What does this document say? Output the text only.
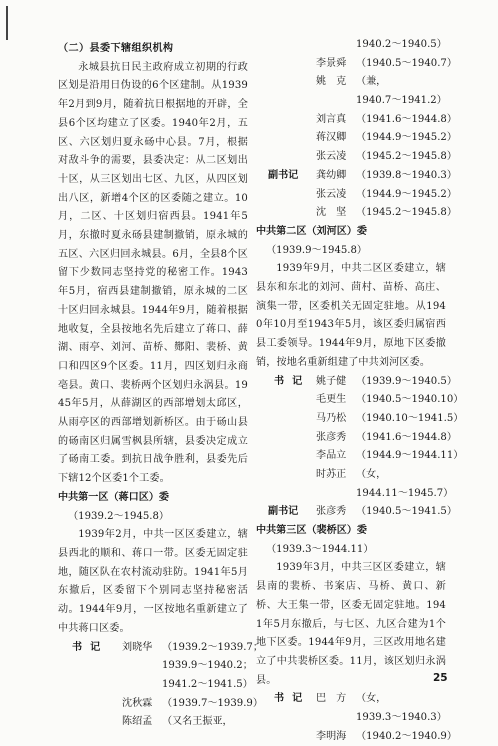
（二）县委下辖组织机构

永城县抗日民主政府成立初期的行政区划是沿用日伪设的6个区建制。从1939年2月到9月，随着抗日根据地的开辟，全县6个区均建立了区委。1940年2月，五区、六区划归夏永砀中心县。7月，根据对敌斗争的需要，县委决定：从二区划出十区，从三区划出七区、九区，从四区划出八区，新增4个区的区委随之建立。10月，二区、十区划归宿西县。1941年5月，东撤时夏永砀县建制撤销，原永城的五区、六区归回永城县。6月，全县8个区留下少数同志坚持党的秘密工作。1943年5月，宿西县建制撤销，原永城的二区十区归回永城县。1944年9月，随着根据地收复，全县按地名先后建立了蒋口、薛湖、雨亭、刘河、苗桥、酂阳、裴桥、黄口和四区9个区委。11月，四区划归永商亳县。黄口、裴桥两个区划归永涡县。1945年5月，从薛湖区的西部增划太邱区，从雨亭区的西部增划新桥区。由于砀山县的砀南区归属雪枫县所辖，县委决定成立了砀南工委。到抗日战争胜利，县委先后下辖12个区委1个工委。

中共第一区（蒋口区）委

（1939.2～1945.8）

1939年2月，中共一区区委建立，辖县西北的顺和、蒋口一带。区委无固定驻地，随区队在农村流动驻防。1941年5月东撤后，区委留下个别同志坚持秘密活动。1944年9月，一区按地名重新建立了中共蒋口区委。

书记 刘晓华 （1939.2～1939.7；
1939.9～1940.2；
1941.2～1941.5）
沈秋霖 （1939.7～1939.9）
陈绍孟 （又名王振亚，
1940.2～1940.5）
李景舜 （1940.5～1940.7）
姚　克 （兼，
1940.7～1941.2）
刘言真 （1941.6～1944.8）
蒋汉卿 （1944.9～1945.2）
张云凌 （1945.2～1945.8）
副书记 龚幼卿 （1939.8～1940.3）
张云凌 （1944.9～1945.2）
沈　坚 （1945.2～1945.8）

中共第二区（刘河区）委

（1939.9～1945.8）

1939年9月，中共二区区委建立，辖县东和东北的刘河、茴村、苗桥、高庄、演集一带，区委机关无固定驻地。从1940年10月至1943年5月，该区委归属宿西县工委领导。1944年9月，原地下区委撤销，按地名重新组建了中共刘河区委。

书记 姚子健 （1939.9～1940.5）
毛更生 （1940.5～1940.10）
马乃松 （1940.10～1941.5）
张彦秀 （1941.6～1944.8）
李品立 （1944.9～1944.11）
时苏正 （女，
1944.11～1945.7）
副书记 张彦秀 （1940.5～1941.5）

中共第三区（裴桥区）委

（1939.3～1944.11）

1939年3月，中共三区区委建立，辖县南的裴桥、书案店、马桥、黄口、新桥、大王集一带，区委无固定驻地。1941年5月东撤后，与七区、九区合建为1个地下区委。1944年9月，三区改用地名建立了中共裴桥区委。11月，该区划归永涡县。

书记 巴　方 （女，
1939.3～1940.3）
李明海 （1940.2～1940.9）
25
